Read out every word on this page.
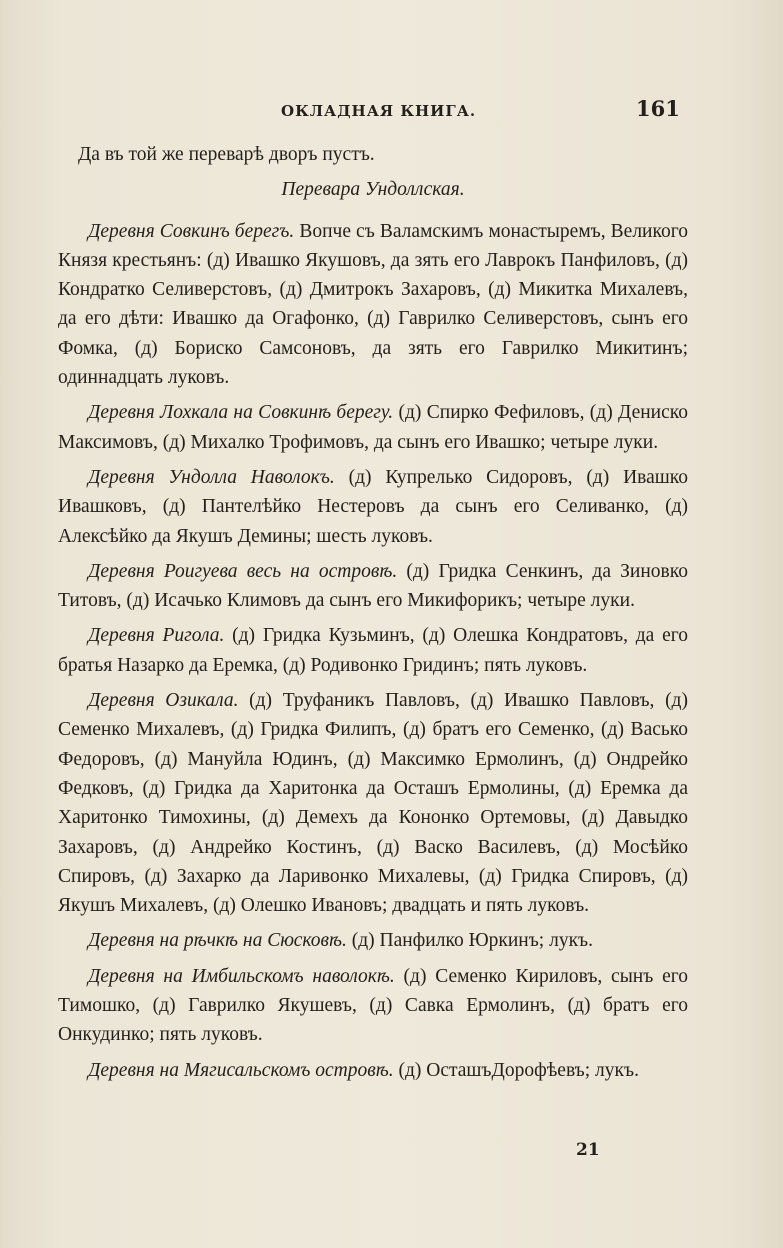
ОКЛАДНАЯ КНИГА.	161

Да въ той же переварѣ дворъ пустъ.

Перевара Ундоллская.

Деревня Совкинъ берегъ. Вопче съ Валамскимъ монастыремъ, Великого Князя крестьянъ: (д) Ивашко Якушовъ, да зять его Лаврокъ Панфиловъ, (д) Кондратко Селиверстовъ, (д) Дмитрокъ Захаровъ, (д) Микитка Михалевъ, да его дѣти: Ивашко да Огафонко, (д) Гаврилко Селиверстовъ, сынъ его Фомка, (д) Бориско Самсоновъ, да зять его Гаврилко Микитинъ; одиннадцать луковъ.

Деревня Лохкала на Совкинѣ берегу. (д) Спирко Фефиловъ, (д) Дениско Максимовъ, (д) Михалко Трофимовъ, да сынъ его Ивашко; четыре луки.

Деревня Ундолла Наволокъ. (д) Купрелько Сидоровъ, (д) Ивашко Ивашковъ, (д) Пантелѣйко Нестеровъ да сынъ его Селиванко, (д) Алексѣйко да Якушъ Демины; шесть луковъ.

Деревня Роигуева весь на островѣ. (д) Гридка Сенкинъ, да Зиновко Титовъ, (д) Исачько Климовъ да сынъ его Микифорикъ; четыре луки.

Деревня Ригола. (д) Гридка Кузьминъ, (д) Олешка Кондратовъ, да его братья Назарко да Еремка, (д) Родивонко Гридинъ; пять луковъ.

Деревня Озикала. (д) Труфаникъ Павловъ, (д) Ивашко Павловъ, (д) Семенко Михалевъ, (д) Гридка Филипъ, (д) братъ его Семенко, (д) Васько Федоровъ, (д) Мануйла Юдинъ, (д) Максимко Ермолинъ, (д) Ондрейко Федковъ, (д) Гридка да Харитонка да Осташъ Ермолины, (д) Еремка да Харитонко Тимохины, (д) Демехъ да Кононко Ортемовы, (д) Давыдко Захаровъ, (д) Андрейко Костинъ, (д) Васко Василевъ, (д) Мосѣйко Спировъ, (д) Захарко да Ларивонко Михалевы, (д) Гридка Спировъ, (д) Якушъ Михалевъ, (д) Олешко Ивановъ; двадцать и пять луковъ.

Деревня на рѣчкѣ на Сюсковѣ. (д) Панфилко Юркинъ; лукъ.

Деревня на Имбильскомъ наволокѣ. (д) Семенко Кириловъ, сынъ его Тимошко, (д) Гаврилко Якушевъ, (д) Савка Ермолинъ, (д) братъ его Онкудинко; пять луковъ.

Деревня на Мягисальскомъ островѣ. (д) ОсташъДорофѣевъ; лукъ.

21
